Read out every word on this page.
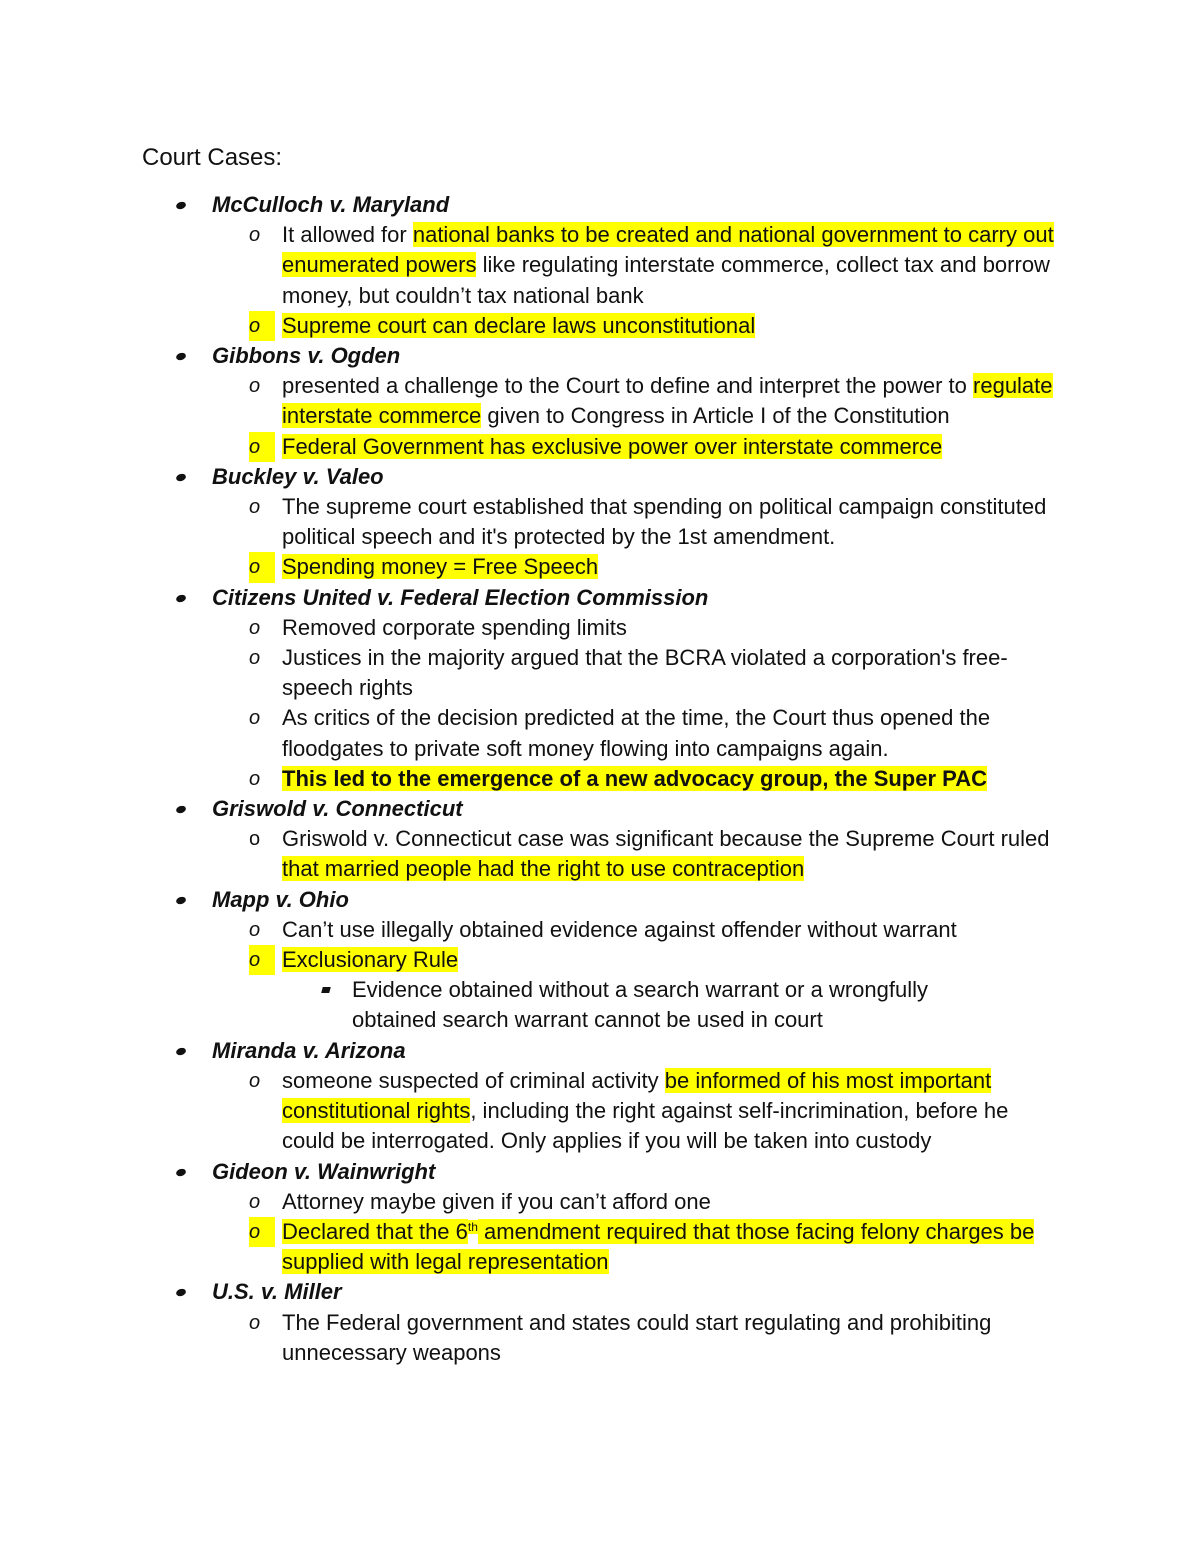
Court Cases:
McCulloch v. Maryland
o It allowed for national banks to be created and national government to carry out enumerated powers like regulating interstate commerce, collect tax and borrow money, but couldn’t tax national bank
o Supreme court can declare laws unconstitutional
Gibbons v. Ogden
o presented a challenge to the Court to define and interpret the power to regulate interstate commerce given to Congress in Article I of the Constitution
o Federal Government has exclusive power over interstate commerce
Buckley v. Valeo
o The supreme court established that spending on political campaign constituted political speech and it's protected by the 1st amendment.
o Spending money = Free Speech
Citizens United v. Federal Election Commission
o Removed corporate spending limits
o Justices in the majority argued that the BCRA violated a corporation's free-speech rights
o As critics of the decision predicted at the time, the Court thus opened the floodgates to private soft money flowing into campaigns again.
o This led to the emergence of a new advocacy group, the Super PAC
Griswold v. Connecticut
o Griswold v. Connecticut case was significant because the Supreme Court ruled that married people had the right to use contraception
Mapp v. Ohio
o Can’t use illegally obtained evidence against offender without warrant
o Exclusionary Rule
Evidence obtained without a search warrant or a wrongfully obtained search warrant cannot be used in court
Miranda v. Arizona
o someone suspected of criminal activity be informed of his most important constitutional rights, including the right against self-incrimination, before he could be interrogated. Only applies if you will be taken into custody
Gideon v. Wainwright
o Attorney maybe given if you can’t afford one
o Declared that the 6th amendment required that those facing felony charges be supplied with legal representation
U.S. v. Miller
o The Federal government and states could start regulating and prohibiting unnecessary weapons
